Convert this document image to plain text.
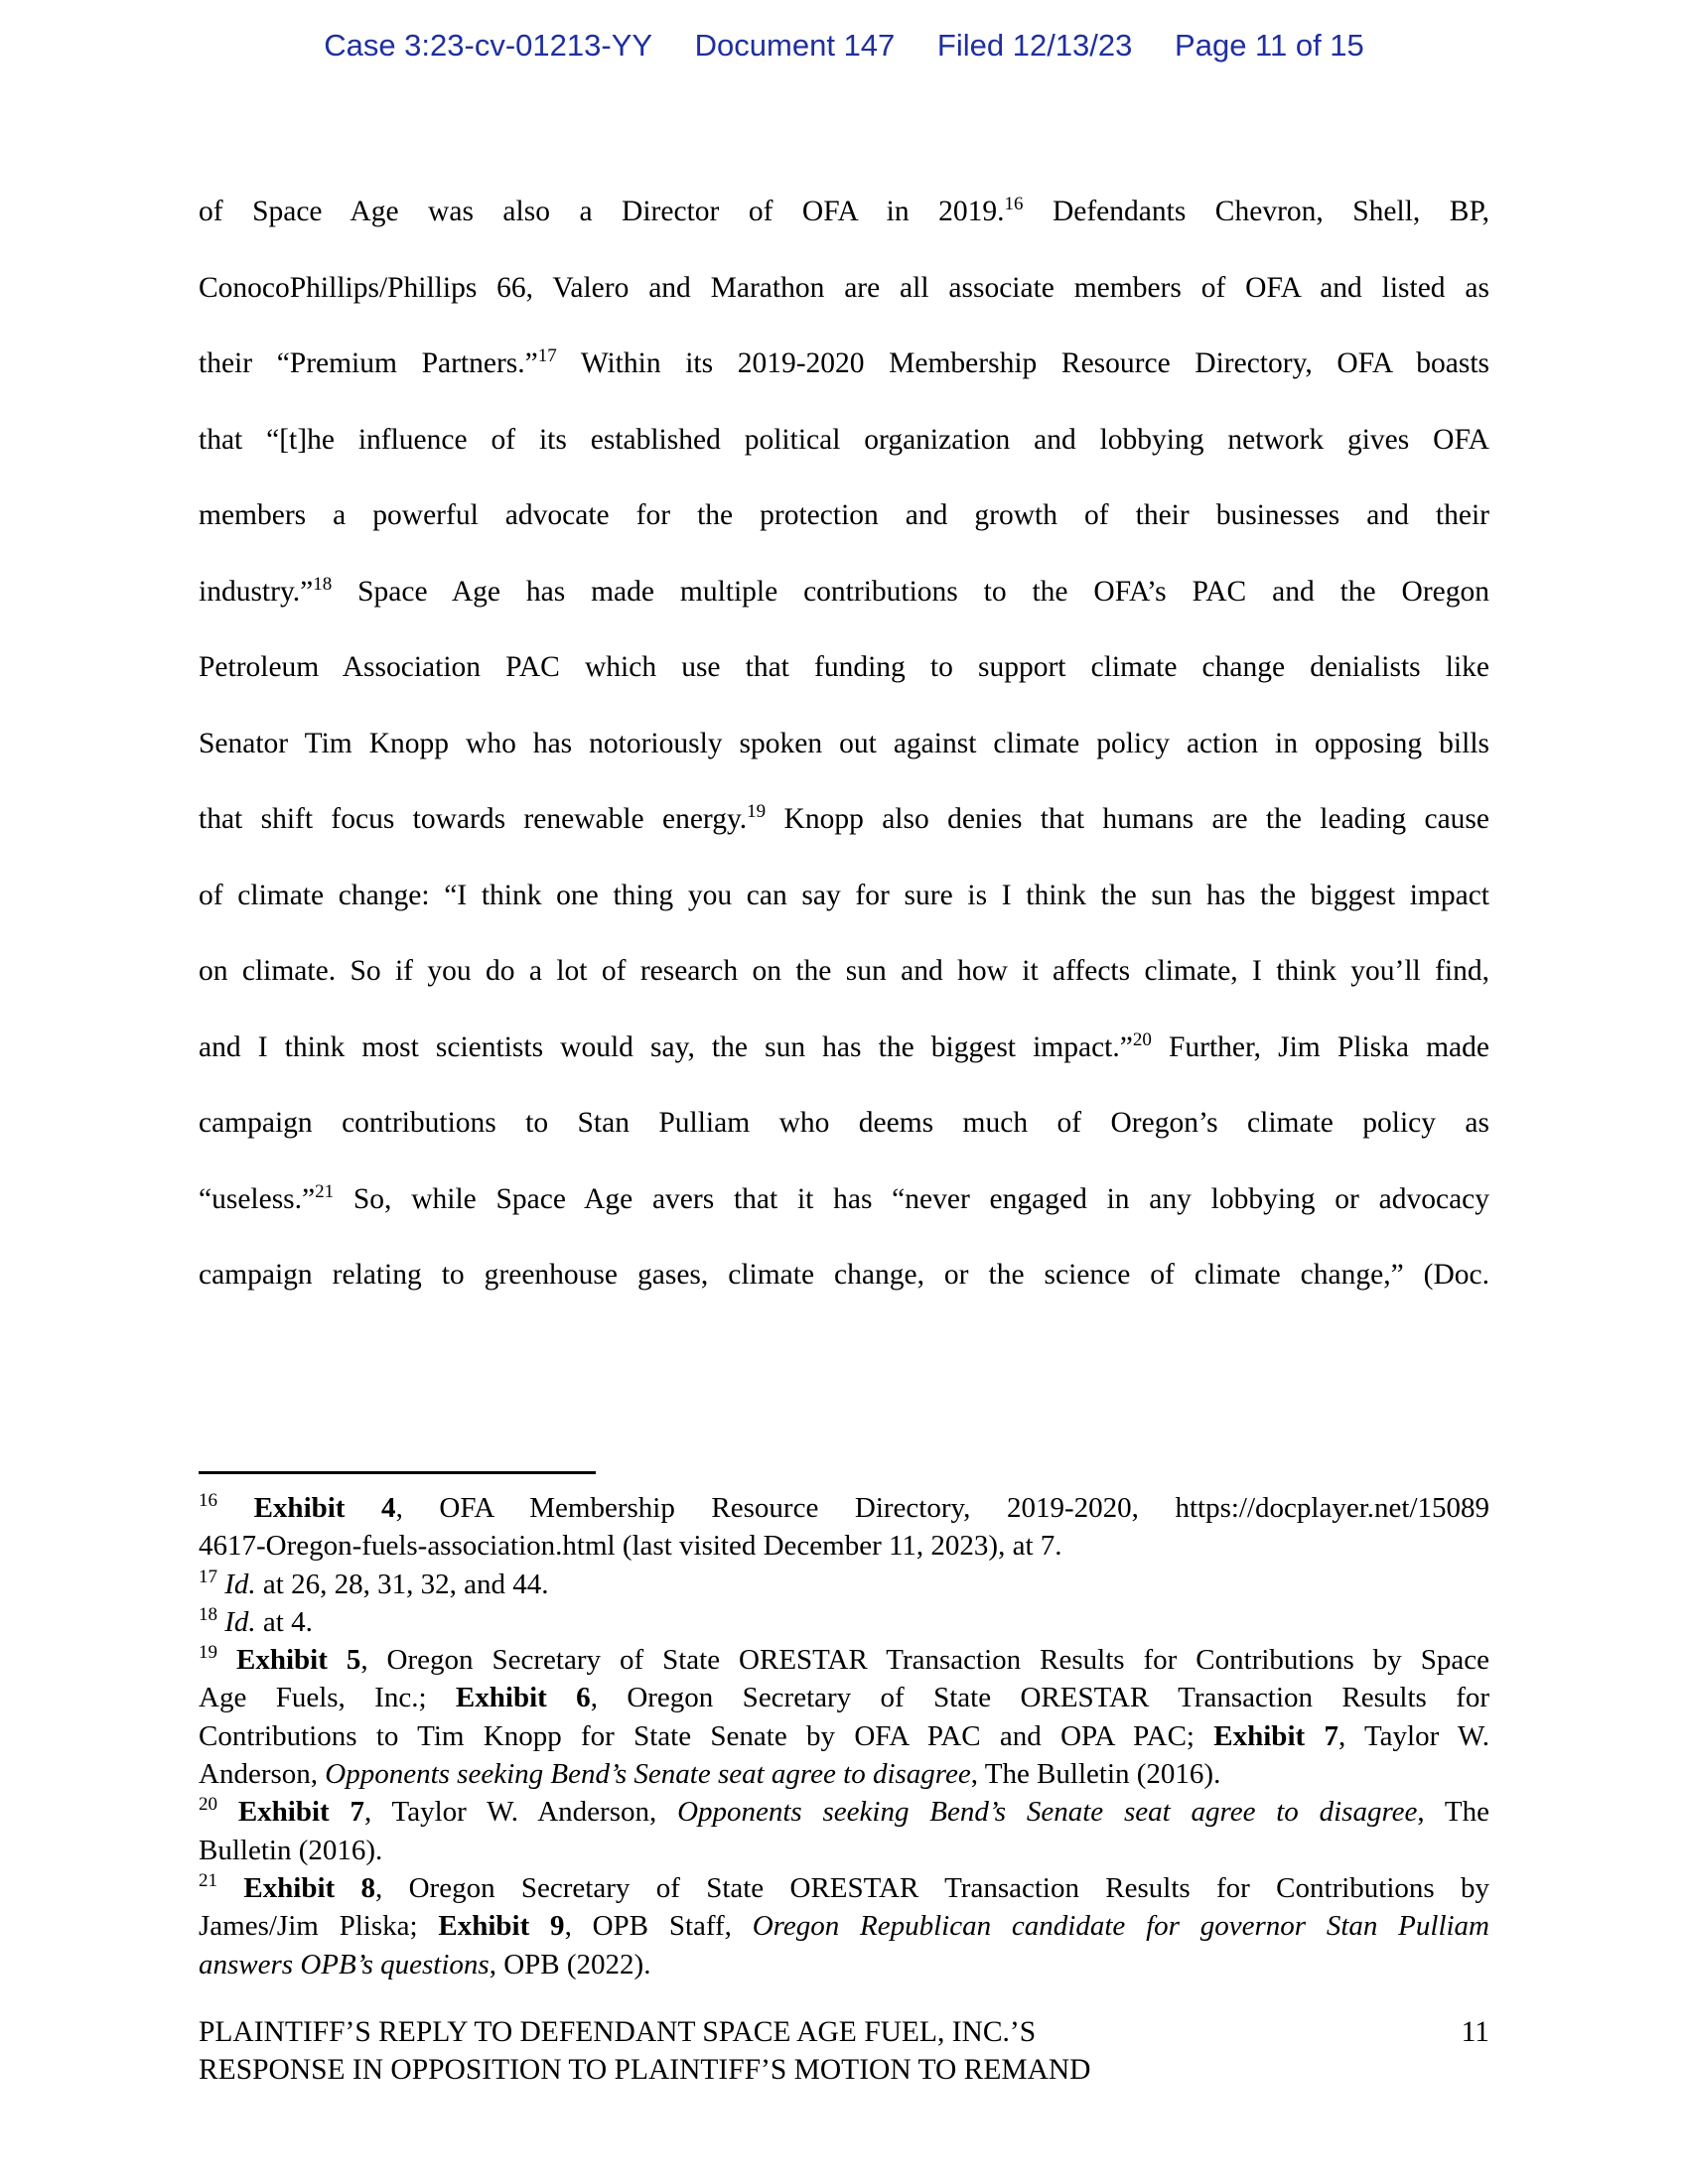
Case 3:23-cv-01213-YY Document 147 Filed 12/13/23 Page 11 of 15
of Space Age was also a Director of OFA in 2019.16 Defendants Chevron, Shell, BP,
ConocoPhillips/Phillips 66, Valero and Marathon are all associate members of OFA and listed as
their “Premium Partners.”$^{17}$ Within its 2019-2020 Membership Resource Directory, OFA boasts
that “[t]he influence of its established political organization and lobbying network gives OFA
members a powerful advocate for the protection and growth of their businesses and their
industry.”$^{18}$ Space Age has made multiple contributions to the OFA’s PAC and the Oregon
Petroleum Association PAC which use that funding to support climate change denialists like
Senator Tim Knopp who has notoriously spoken out against climate policy action in opposing bills
that shift focus towards renewable energy.$^{19}$ Knopp also denies that humans are the leading cause
of climate change: “I think one thing you can say for sure is I think the sun has the biggest impact
on climate. So if you do a lot of research on the sun and how it affects climate, I think you’ll find,
and I think most scientists would say, the sun has the biggest impact.”$^{20}$ Further, Jim Pliska made
campaign contributions to Stan Pulliam who deems much of Oregon’s climate policy as
“useless.”$^{21}$ So, while Space Age avers that it has “never engaged in any lobbying or advocacy
campaign relating to greenhouse gases, climate change, or the science of climate change,” (Doc.
$^{16}$ Exhibit 4, OFA Membership Resource Directory, 2019-2020, https://docplayer.net/15089
4617-Oregon-fuels-association.html (last visited December 11, 2023), at 7.
$^{17}$ Id. at 26, 28, 31, 32, and 44.
$^{18}$ Id. at 4.
$^{19}$ Exhibit 5, Oregon Secretary of State ORESTAR Transaction Results for Contributions by Space
Age Fuels, Inc.; Exhibit 6, Oregon Secretary of State ORESTAR Transaction Results for
Contributions to Tim Knopp for State Senate by OFA PAC and OPA PAC; Exhibit 7, Taylor W.
Anderson, Opponents seeking Bend’s Senate seat agree to disagree, The Bulletin (2016).
$^{20}$ Exhibit 7, Taylor W. Anderson, Opponents seeking Bend’s Senate seat agree to disagree, The
Bulletin (2016).
$^{21}$ Exhibit 8, Oregon Secretary of State ORESTAR Transaction Results for Contributions by
James/Jim Pliska; Exhibit 9, OPB Staff, Oregon Republican candidate for governor Stan Pulliam
answers OPB’s questions, OPB (2022).
PLAINTIFF’S REPLY TO DEFENDANT SPACE AGE FUEL, INC.’S
RESPONSE IN OPPOSITION TO PLAINTIFF’S MOTION TO REMAND
11
